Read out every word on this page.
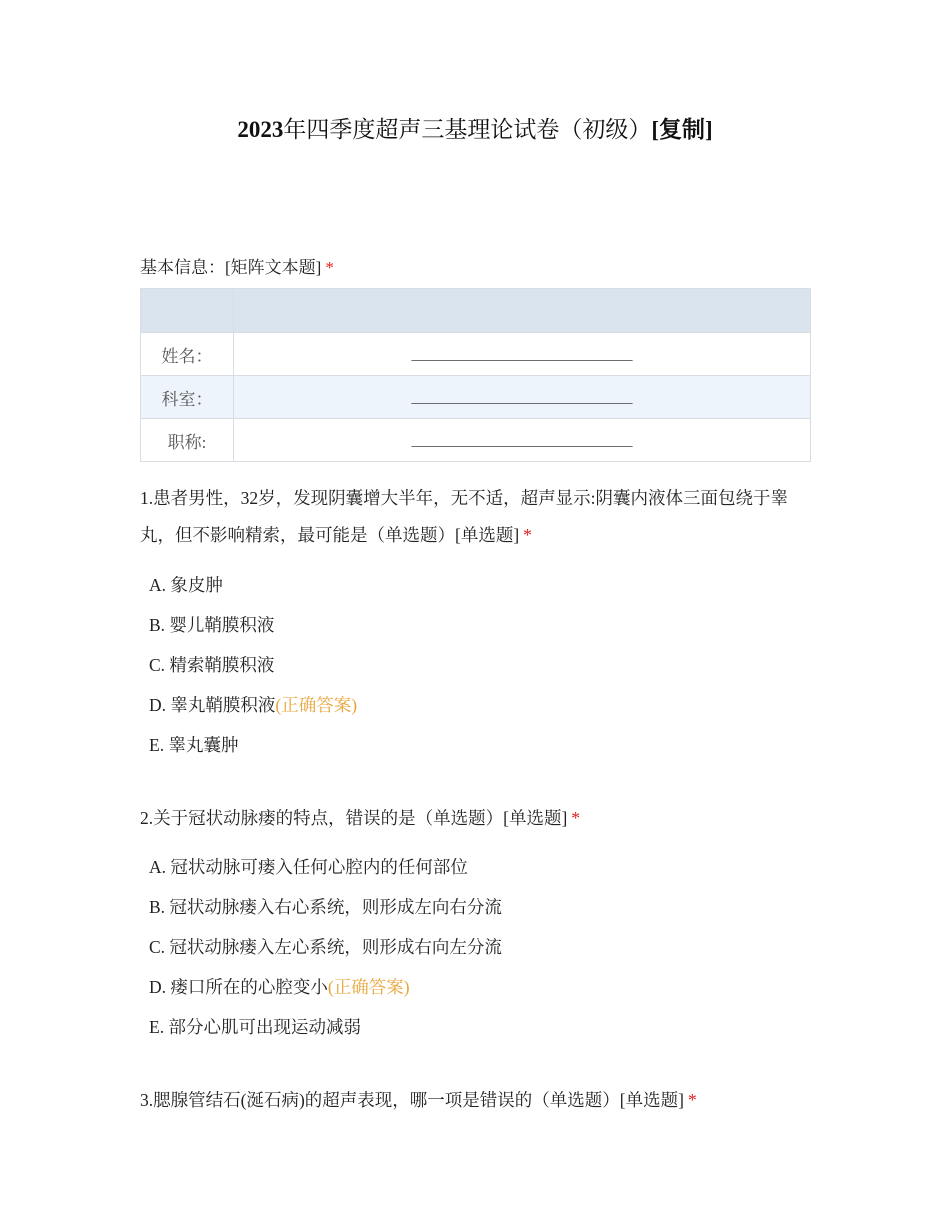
2023年四季度超声三基理论试卷（初级）[复制]
基本信息：[矩阵文本题] *

姓名：	__________________________
科室：	__________________________
职称:	__________________________
1.患者男性，32岁，发现阴囊增大半年，无不适，超声显示:阴囊内液体三面包绕于睾丸，但不影响精索，最可能是（单选题）[单选题] *
A. 象皮肿
B. 婴儿鞘膜积液
C. 精索鞘膜积液
D. 睾丸鞘膜积液(正确答案)
E. 睾丸囊肿
2.关于冠状动脉瘘的特点，错误的是（单选题）[单选题] *
A. 冠状动脉可瘘入任何心腔内的任何部位
B. 冠状动脉瘘入右心系统，则形成左向右分流
C. 冠状动脉瘘入左心系统，则形成右向左分流
D. 瘘口所在的心腔变小(正确答案)
E. 部分心肌可出现运动减弱
3.腮腺管结石(涎石病)的超声表现，哪一项是错误的（单选题）[单选题] *
